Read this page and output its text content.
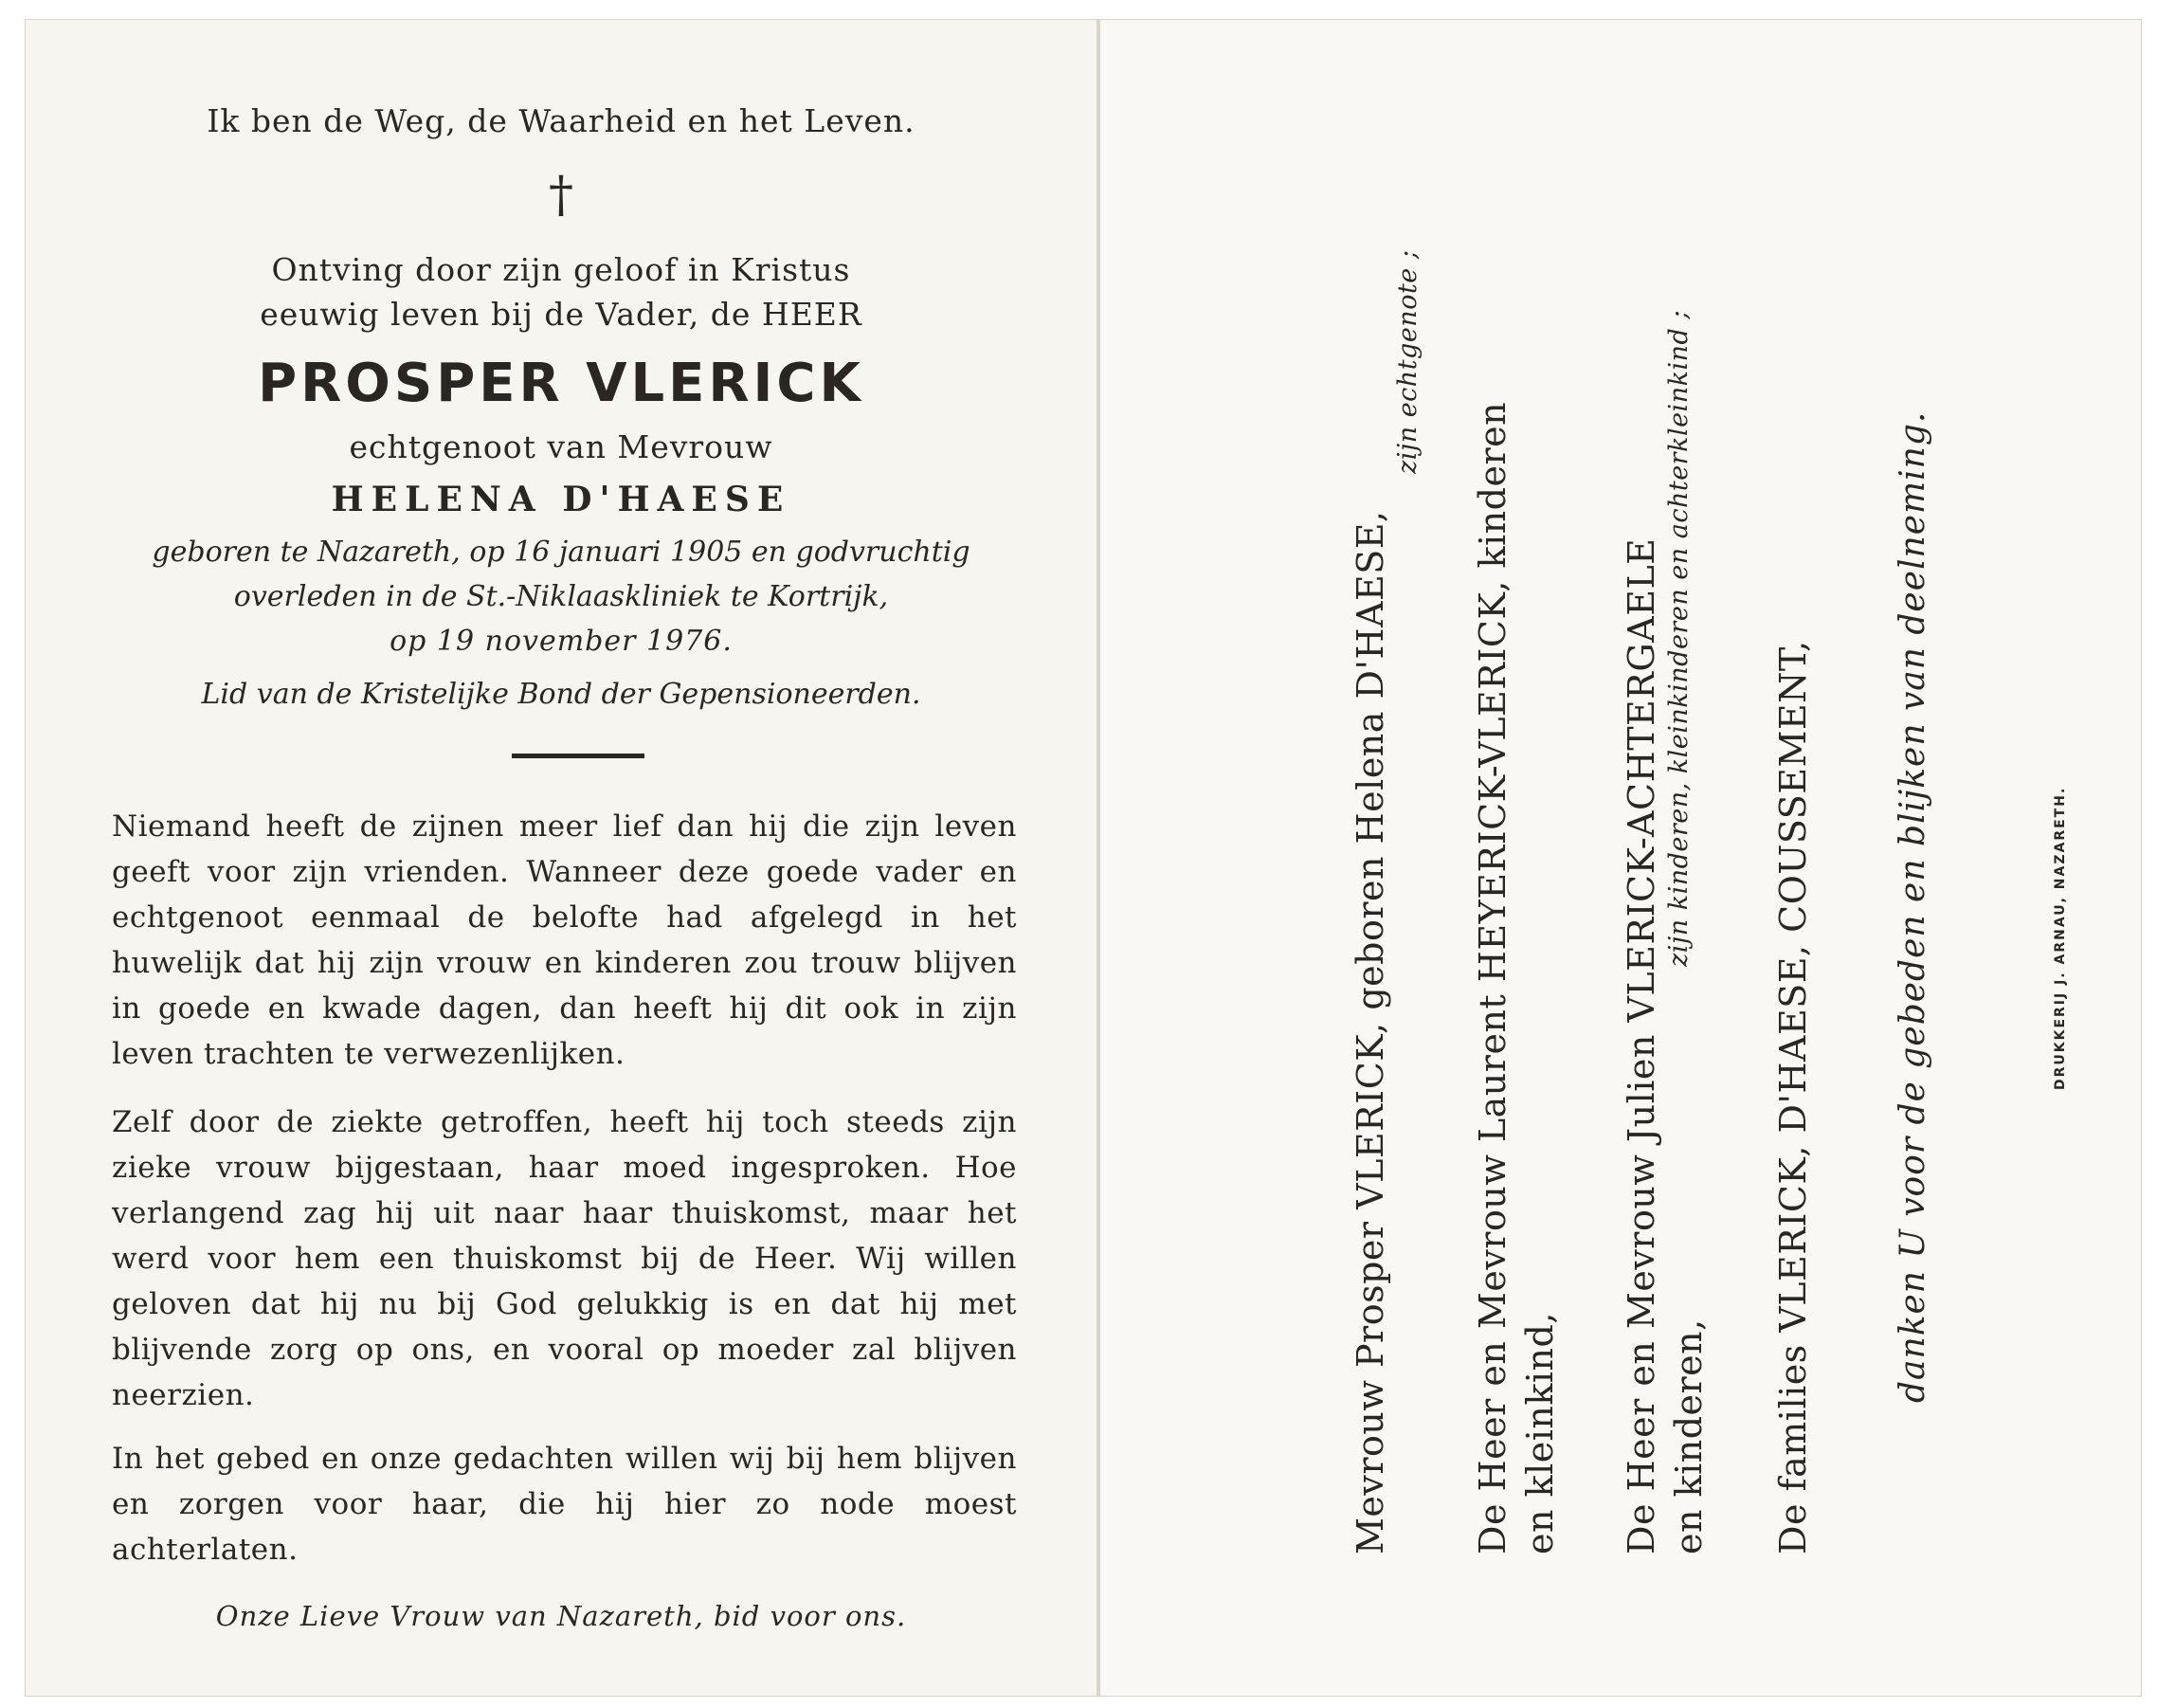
Ik ben de Weg, de Waarheid en het Leven.
†
Ontving door zijn geloof in Kristus
eeuwig leven bij de Vader, de HEER
PROSPER VLERICK
echtgenoot van Mevrouw
HELENA D'HAESE
geboren te Nazareth, op 16 januari 1905 en godvruchtig
overleden in de St.-Niklaaskliniek te Kortrijk,
op 19 november 1976.
Lid van de Kristelijke Bond der Gepensioneerden.
Niemand heeft de zijnen meer lief dan hij die zijn leven geeft voor zijn vrienden. Wanneer deze goede vader en echtgenoot eenmaal de belofte had afgelegd in het huwelijk dat hij zijn vrouw en kinderen zou trouw blijven in goede en kwade dagen, dan heeft hij dit ook in zijn leven trachten te verwezenlijken.
Zelf door de ziekte getroffen, heeft hij toch steeds zijn zieke vrouw bijgestaan, haar moed ingesproken. Hoe verlangend zag hij uit naar haar thuiskomst, maar het werd voor hem een thuiskomst bij de Heer. Wij willen geloven dat hij nu bij God gelukkig is en dat hij met blijvende zorg op ons, en vooral op moeder zal blijven neerzien.
In het gebed en onze gedachten willen wij bij hem blijven en zorgen voor haar, die hij hier zo node moest achterlaten.
Onze Lieve Vrouw van Nazareth, bid voor ons.
Mevrouw Prosper VLERICK, geboren Helena D'HAESE,
zijn echtgenote ;
De Heer en Mevrouw Laurent HEYERICK-VLERICK, kinderen en kleinkind, De Heer en Mevrouw Julien VLERICK-ACHTERGAELE en kinderen,
zijn kinderen, kleinkinderen en achterkleinkind ;
De families VLERICK, D'HAESE, COUSSEMENT, danken U voor de gebeden en blijken van deelneming.	DRUKKERIJ J. ARNAU, NAZARETH.
